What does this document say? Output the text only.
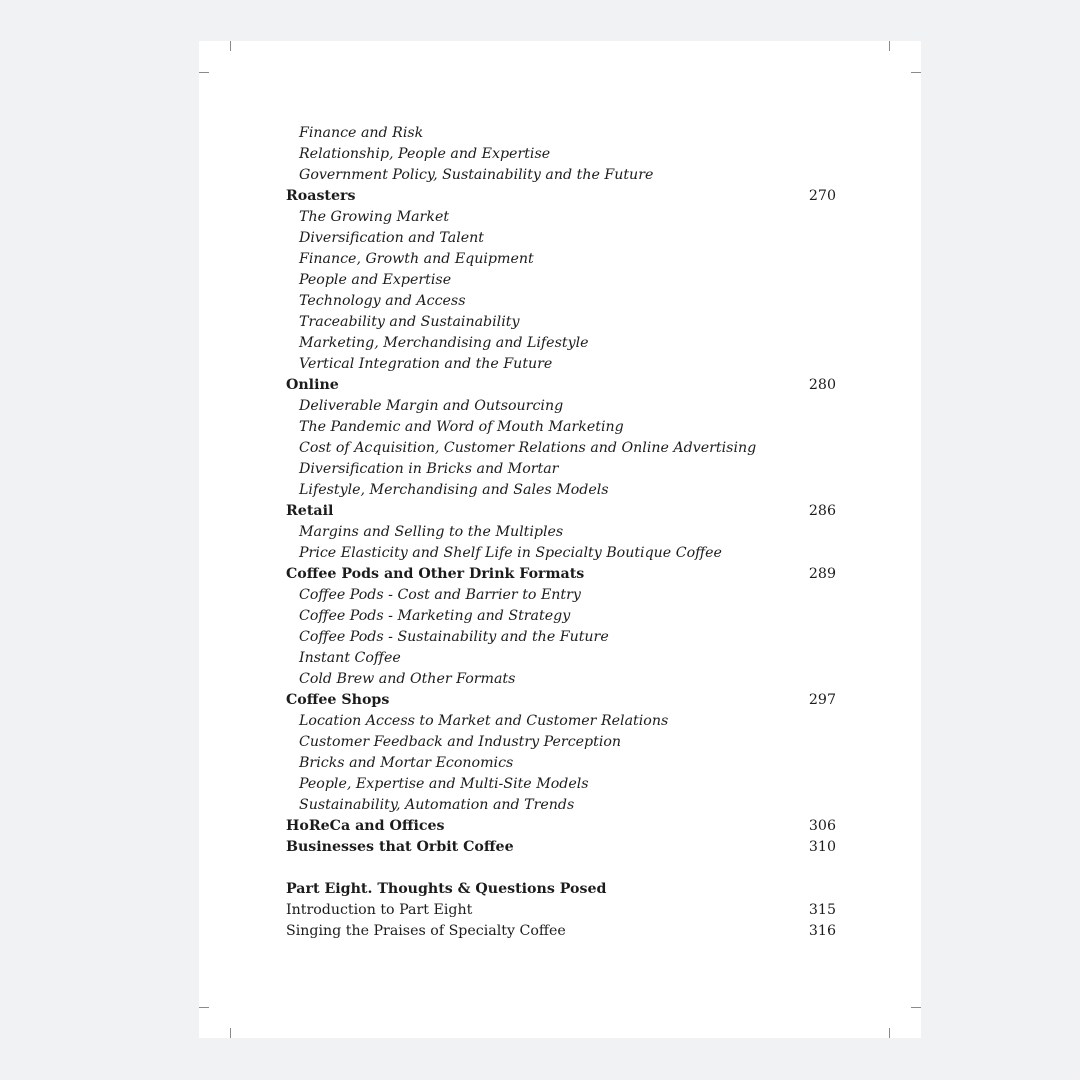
Finance and Risk
Relationship, People and Expertise
Government Policy, Sustainability and the Future
Roasters	270
The Growing Market
Diversification and Talent
Finance, Growth and Equipment
People and Expertise
Technology and Access
Traceability and Sustainability
Marketing, Merchandising and Lifestyle
Vertical Integration and the Future
Online	280
Deliverable Margin and Outsourcing
The Pandemic and Word of Mouth Marketing
Cost of Acquisition, Customer Relations and Online Advertising
Diversification in Bricks and Mortar
Lifestyle, Merchandising and Sales Models
Retail	286
Margins and Selling to the Multiples
Price Elasticity and Shelf Life in Specialty Boutique Coffee
Coffee Pods and Other Drink Formats	289
Coffee Pods - Cost and Barrier to Entry
Coffee Pods - Marketing and Strategy
Coffee Pods - Sustainability and the Future
Instant Coffee
Cold Brew and Other Formats
Coffee Shops	297
Location Access to Market and Customer Relations
Customer Feedback and Industry Perception
Bricks and Mortar Economics
People, Expertise and Multi-Site Models
Sustainability, Automation and Trends
HoReCa and Offices	306
Businesses that Orbit Coffee	310
Part Eight. Thoughts & Questions Posed
Introduction to Part Eight	315
Singing the Praises of Specialty Coffee	316
